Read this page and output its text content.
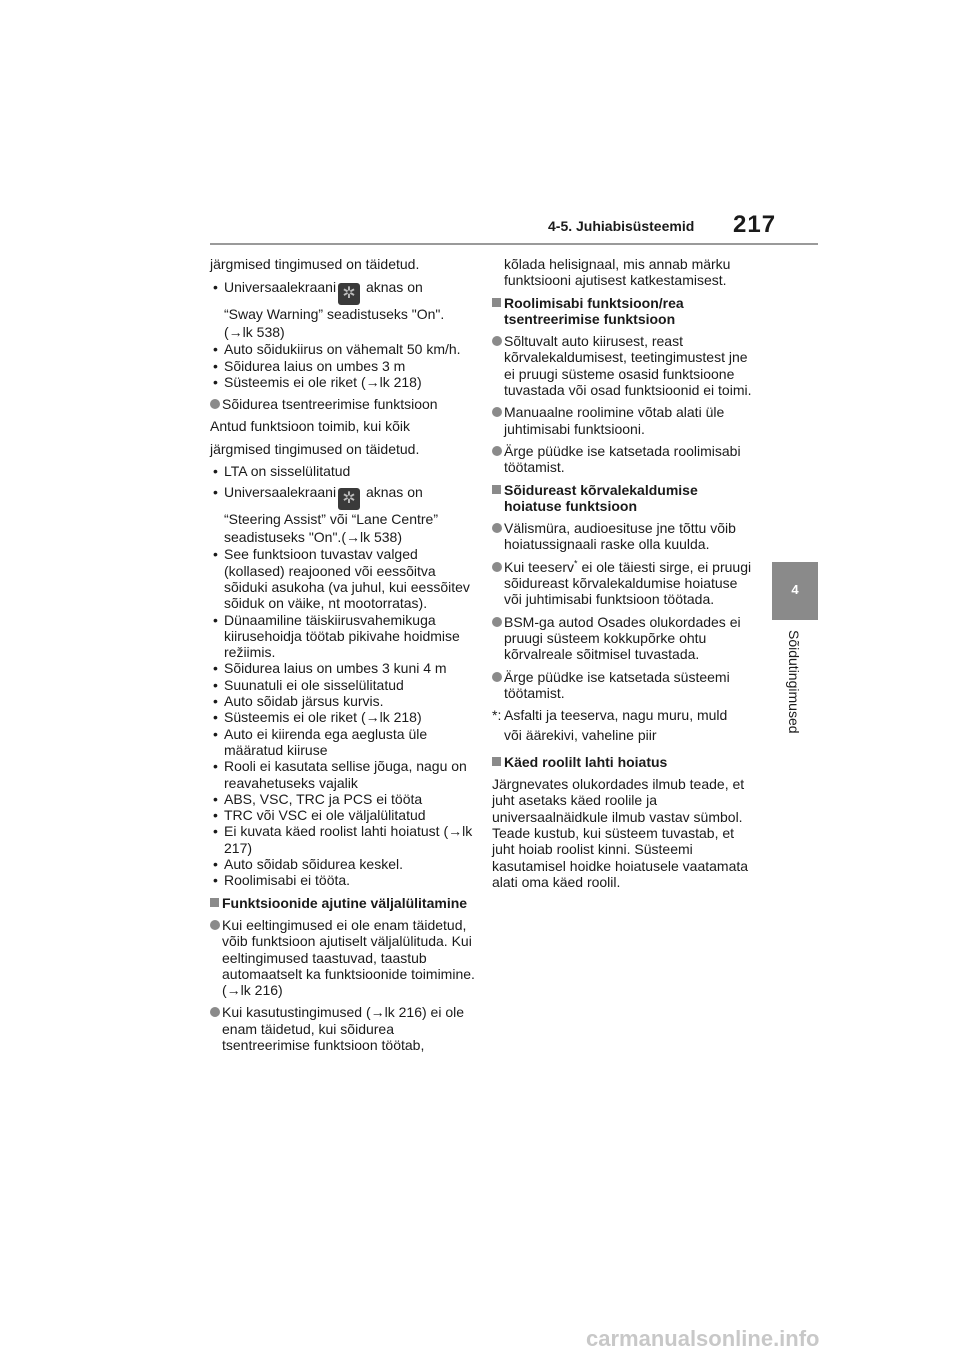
4-5. Juhiabisüsteemid 217
4
Sõidutingimused

järgmised tingimused on täidetud.

• Universaalekraani ✲ aknas on
“Sway Warning” seadistuseks "On".
(→lk 538)
• Auto sõidukiirus on vähemalt 50 km/h.
• Sõidurea laius on umbes 3 m
• Süsteemis ei ole riket (→lk 218)
Sõidurea tsentreerimise funktsioon

Antud funktsioon toimib, kui kõik

järgmised tingimused on täidetud.

• LTA on sisselülitatud
• Universaalekraani ✲ aknas on
“Steering Assist” või “Lane Centre” seadistuseks "On".(→lk 538)
• See funktsioon tuvastav valged (kollased) reajooned või eessõitva sõiduki asukoha (va juhul, kui eessõitev sõiduk on väike, nt mootorratas).
• Dünaamiline täiskiirusvahemikuga kiirusehoidja töötab pikivahe hoidmise režiimis.
• Sõidurea laius on umbes 3 kuni 4 m
• Suunatuli ei ole sisselülitatud
• Auto sõidab järsus kurvis.
• Süsteemis ei ole riket (→lk 218)
• Auto ei kiirenda ega aeglusta üle määratud kiiruse
• Rooli ei kasutata sellise jõuga, nagu on reavahetuseks vajalik
• ABS, VSC, TRC ja PCS ei tööta
• TRC või VSC ei ole väljalülitatud
• Ei kuvata käed roolist lahti hoiatust (→lk 217)
• Auto sõidab sõidurea keskel.
• Roolimisabi ei tööta.
Funktsioonide ajutine väljalülitamine
Kui eeltingimused ei ole enam täidetud, võib funktsioon ajutiselt väljalülituda. Kui eeltingimused taastuvad, taastub automaatselt ka funktsioonide toimimine. (→lk 216)
Kui kasutustingimused (→lk 216) ei ole enam täidetud, kui sõidurea tsentreerimise funktsioon töötab,

kõlada helisignaal, mis annab märku funktsiooni ajutisest katkestamisest.

Roolimisabi funktsioon/rea tsentreerimise funktsioon
Sõltuvalt auto kiirusest, reast kõrvalekaldumisest, teetingimustest jne ei pruugi süsteme osasid funktsioone tuvastada või osad funktsioonid ei toimi.
Manuaalne roolimine võtab alati üle juhtimisabi funktsiooni.
Ärge püüdke ise katsetada roolimisabi töötamist.
Sõidureast kõrvalekaldumise hoiatuse funktsioon
Välismüra, audioesituse jne tõttu võib hoiatussignaali raske olla kuulda.
Kui teeserv* ei ole täiesti sirge, ei pruugi sõidureast kõrvalekaldumise hoiatuse või juhtimisabi funktsioon töötada.
BSM-ga autod Osades olukordades ei pruugi süsteem kokkupõrke ohtu kõrvalreale sõitmisel tuvastada.
Ärge püüdke ise katsetada süsteemi töötamist.
*: Asfalti ja teeserva, nagu muru, muld
või äärekivi, vaheline piir
Käed roolilt lahti hoiatus

Järgnevates olukordades ilmub teade, et juht asetaks käed roolile ja universaalnäidkule ilmub vastav sümbol. Teade kustub, kui süsteem tuvastab, et juht hoiab roolist kinni. Süsteemi kasutamisel hoidke hoiatusele vaatamata alati oma käed roolil.

carmanualsonline.info
